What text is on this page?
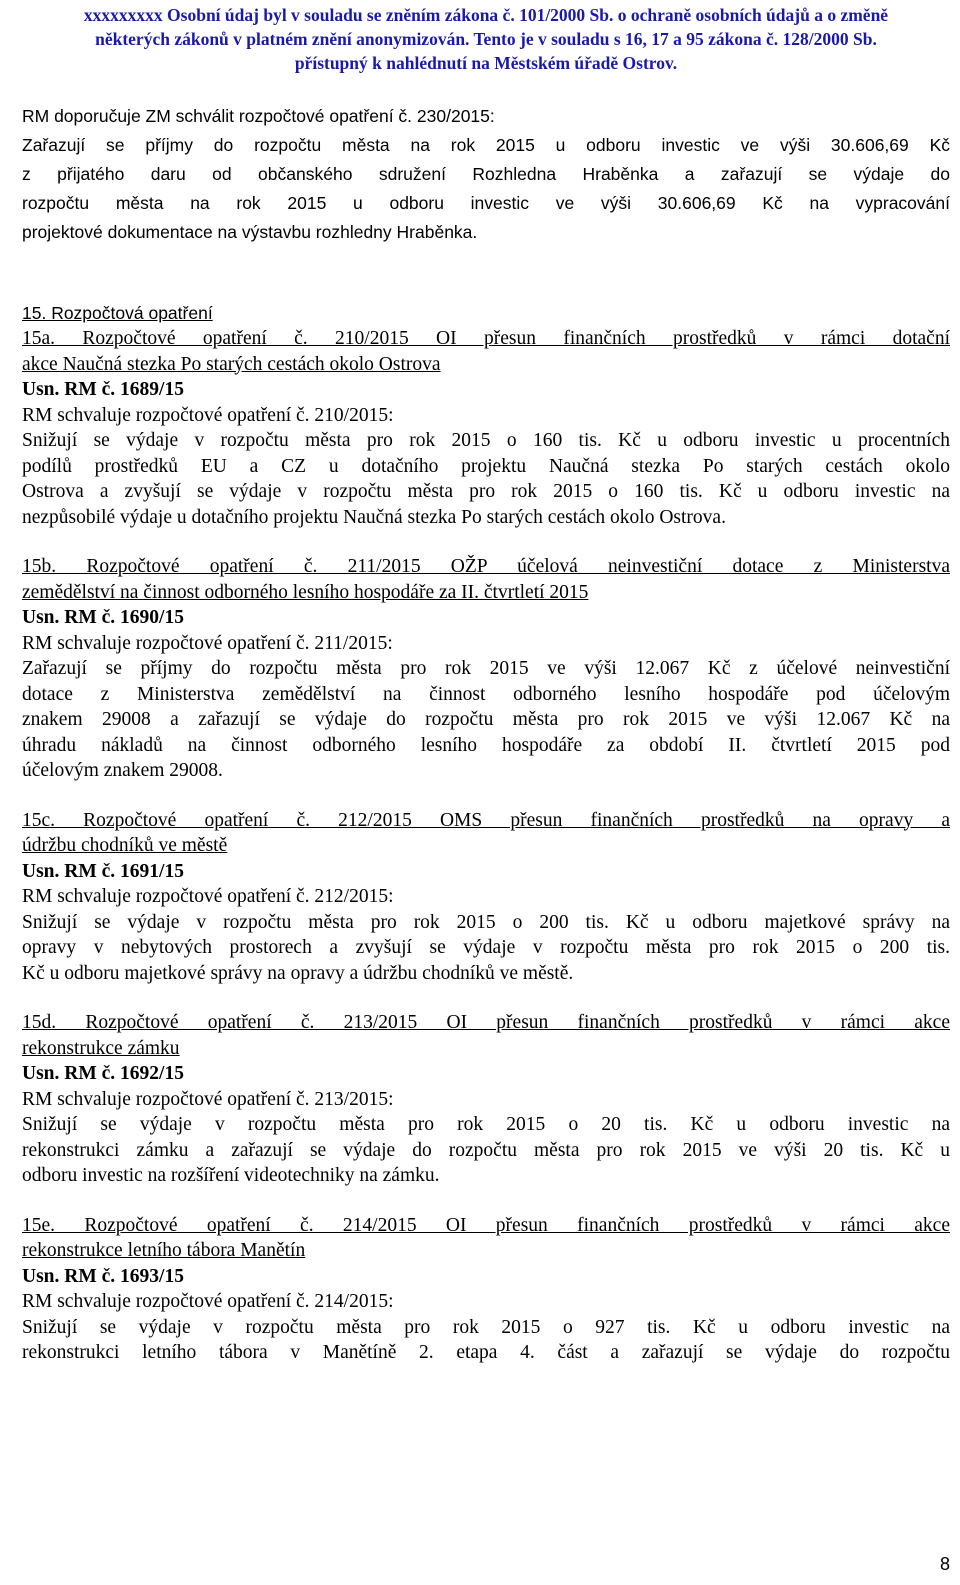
xxxxxxxxx Osobní údaj byl v souladu se zněním zákona č. 101/2000 Sb. o ochraně osobních údajů a o změně
některých zákonů v platném znění anonymizován. Tento je v souladu s 16, 17 a 95 zákona č. 128/2000 Sb.
přístupný k nahlédnutí na Městském úřadě Ostrov.
RM doporučuje ZM schválit rozpočtové opatření č. 230/2015:
Zařazují se příjmy do rozpočtu města na rok 2015 u odboru investic ve výši 30.606,69 Kč
z přijatého daru od občanského sdružení Rozhledna Hraběnka a zařazují se výdaje do
rozpočtu města na rok 2015 u odboru investic ve výši 30.606,69 Kč na vypracování
projektové dokumentace na výstavbu rozhledny Hraběnka.
15. Rozpočtová opatření
15a. Rozpočtové opatření č. 210/2015 OI přesun finančních prostředků v rámci dotační
akce Naučná stezka Po starých cestách okolo Ostrova
Usn. RM č. 1689/15
RM schvaluje rozpočtové opatření č. 210/2015:
Snižují se výdaje v rozpočtu města pro rok 2015 o 160 tis. Kč u odboru investic u procentních
podílů prostředků EU a CZ u dotačního projektu Naučná stezka Po starých cestách okolo
Ostrova a zvyšují se výdaje v rozpočtu města pro rok 2015 o 160 tis. Kč u odboru investic na
nezpůsobilé výdaje u dotačního projektu Naučná stezka Po starých cestách okolo Ostrova.
15b. Rozpočtové opatření č. 211/2015 OŽP účelová neinvestiční dotace z Ministerstva
zemědělství na činnost odborného lesního hospodáře za II. čtvrtletí 2015
Usn. RM č. 1690/15
RM schvaluje rozpočtové opatření č. 211/2015:
Zařazují se příjmy do rozpočtu města pro rok 2015 ve výši 12.067 Kč z účelové neinvestiční
dotace z Ministerstva zemědělství na činnost odborného lesního hospodáře pod účelovým
znakem 29008 a zařazují se výdaje do rozpočtu města pro rok 2015 ve výši 12.067 Kč na
úhradu nákladů na činnost odborného lesního hospodáře za období II. čtvrtletí 2015 pod
účelovým znakem 29008.
15c. Rozpočtové opatření č. 212/2015 OMS přesun finančních prostředků na opravy a
údržbu chodníků ve městě
Usn. RM č. 1691/15
RM schvaluje rozpočtové opatření č. 212/2015:
Snižují se výdaje v rozpočtu města pro rok 2015 o 200 tis. Kč u odboru majetkové správy na
opravy v nebytových prostorech a zvyšují se výdaje v rozpočtu města pro rok 2015 o 200 tis.
Kč u odboru majetkové správy na opravy a údržbu chodníků ve městě.
15d. Rozpočtové opatření č. 213/2015 OI přesun finančních prostředků v rámci akce
rekonstrukce zámku
Usn. RM č. 1692/15
RM schvaluje rozpočtové opatření č. 213/2015:
Snižují se výdaje v rozpočtu města pro rok 2015 o 20 tis. Kč u odboru investic na
rekonstrukci zámku a zařazují se výdaje do rozpočtu města pro rok 2015 ve výši 20 tis. Kč u
odboru investic na rozšíření videotechniky na zámku.
15e. Rozpočtové opatření č. 214/2015 OI přesun finančních prostředků v rámci akce
rekonstrukce letního tábora Manětín
Usn. RM č. 1693/15
RM schvaluje rozpočtové opatření č. 214/2015:
Snižují se výdaje v rozpočtu města pro rok 2015 o 927 tis. Kč u odboru investic na
rekonstrukci letního tábora v Manětíně 2. etapa 4. část a zařazují se výdaje do rozpočtu
8
